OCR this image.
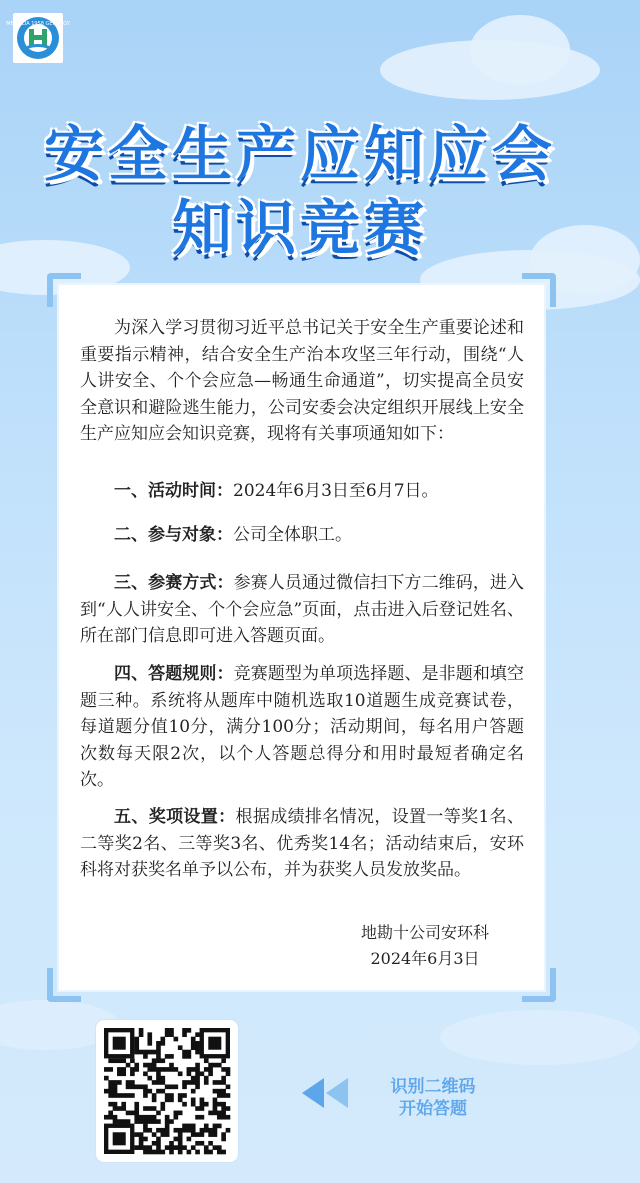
MEMOLIA 1958 GEOLOGY
安全生产应知应会
知识竞赛
为深入学习贯彻习近平总书记关于安全生产重要论述和重要指示精神，结合安全生产治本攻坚三年行动，围绕“人人讲安全、个个会应急—畅通生命通道”，切实提高全员安全意识和避险逃生能力，公司安委会决定组织开展线上安全生产应知应会知识竞赛，现将有关事项通知如下：
一、活动时间：2024年6月3日至6月7日。
二、参与对象：公司全体职工。
三、参赛方式：参赛人员通过微信扫下方二维码，进入到“人人讲安全、个个会应急”页面，点击进入后登记姓名、所在部门信息即可进入答题页面。
四、答题规则：竞赛题型为单项选择题、是非题和填空题三种。系统将从题库中随机选取10道题生成竞赛试卷，每道题分值10分，满分100分；活动期间，每名用户答题次数每天限2次，以个人答题总得分和用时最短者确定名次。
五、奖项设置：根据成绩排名情况，设置一等奖1名、二等奖2名、三等奖3名、优秀奖14名；活动结束后，安环科将对获奖名单予以公布，并为获奖人员发放奖品。
地勘十公司安环科
2024年6月3日
识别二维码
开始答题
